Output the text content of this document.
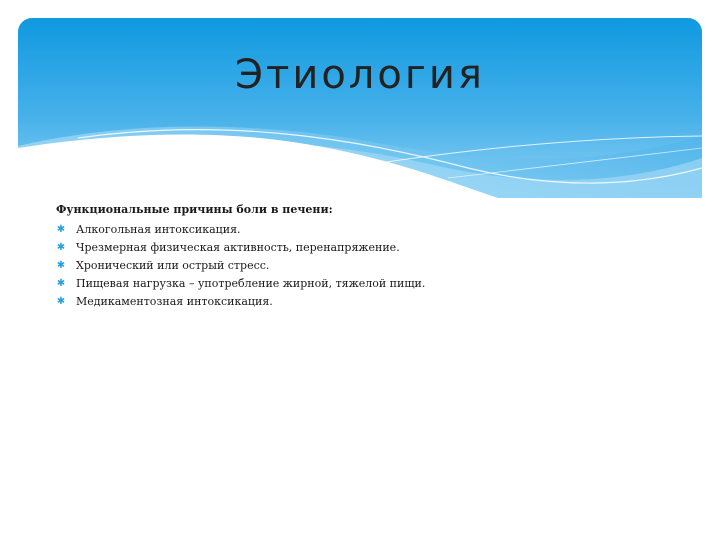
Этиология
Функциональные причины боли в печени:
✱ Алкогольная интоксикация.
✱ Чрезмерная физическая активность, перенапряжение.
✱ Хронический или острый стресс.
✱ Пищевая нагрузка – употребление жирной, тяжелой пищи.
✱ Медикаментозная интоксикация.
